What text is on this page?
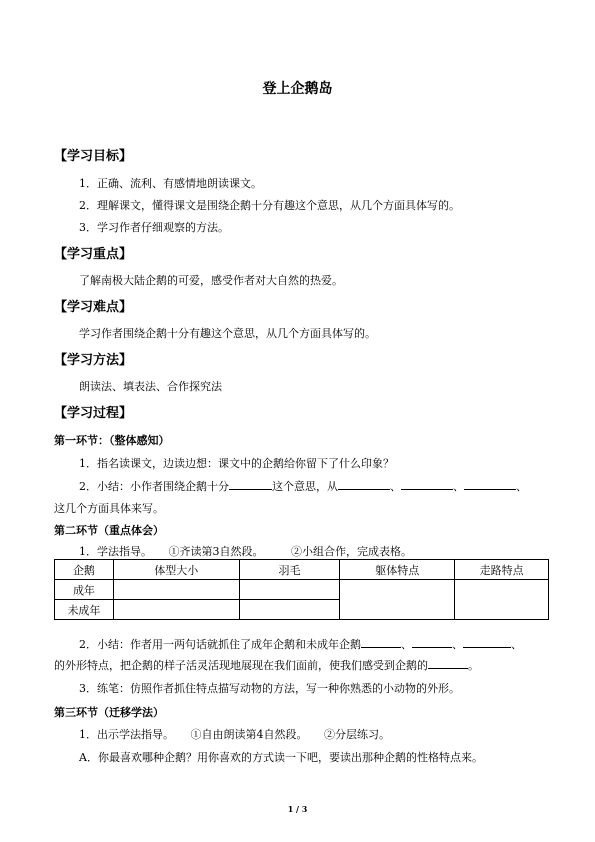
登上企鹅岛
【学习目标】
1．正确、流利、有感情地朗读课文。
2．理解课文，懂得课文是围绕企鹅十分有趣这个意思，从几个方面具体写的。
3．学习作者仔细观察的方法。
【学习重点】
了解南极大陆企鹅的可爱，感受作者对大自然的热爱。
【学习难点】
学习作者围绕企鹅十分有趣这个意思，从几个方面具体写的。
【学习方法】
朗读法、填表法、合作探究法
【学习过程】
第一环节：（整体感知）
1．指名读课文，边读边想：课文中的企鹅给你留下了什么印象？
2．小结：小作者围绕企鹅十分	这个意思，从	、	、	、
这几个方面具体来写。
第二环节（重点体会）
1．学法指导。　　①齐读第3自然段。　　　②小组合作，完成表格。
企鹅	体型大小	羽毛	躯体特点	走路特点
成年				
未成年				
2．小结：作者用一两句话就抓住了成年企鹅和未成年企鹅	、	、	、
的外形特点，把企鹅的样子活灵活现地展现在我们面前，使我们感受到企鹅的	。
3．练笔：仿照作者抓住特点描写动物的方法，写一种你熟悉的小动物的外形。
第三环节（迁移学法）
1．出示学法指导。　　①自由朗读第4自然段。　　②分层练习。
A．你最喜欢哪种企鹅？用你喜欢的方式读一下吧，要读出那种企鹅的性格特点来。
1 / 3
